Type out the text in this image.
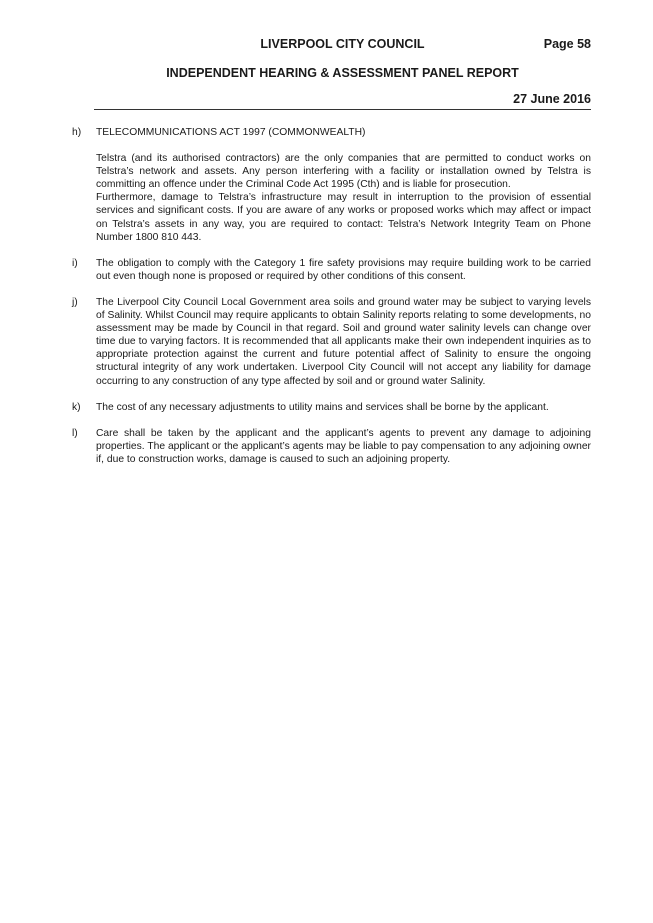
LIVERPOOL CITY COUNCIL	Page 58
INDEPENDENT HEARING & ASSESSMENT PANEL REPORT
27 June 2016
h) TELECOMMUNICATIONS ACT 1997 (COMMONWEALTH)

Telstra (and its authorised contractors) are the only companies that are permitted to conduct works on Telstra’s network and assets. Any person interfering with a facility or installation owned by Telstra is committing an offence under the Criminal Code Act 1995 (Cth) and is liable for prosecution.

Furthermore, damage to Telstra’s infrastructure may result in interruption to the provision of essential services and significant costs. If you are aware of any works or proposed works which may affect or impact on Telstra’s assets in any way, you are required to contact: Telstra’s Network Integrity Team on Phone Number 1800 810 443.

i) The obligation to comply with the Category 1 fire safety provisions may require building work to be carried out even though none is proposed or required by other conditions of this consent.

j) The Liverpool City Council Local Government area soils and ground water may be subject to varying levels of Salinity. Whilst Council may require applicants to obtain Salinity reports relating to some developments, no assessment may be made by Council in that regard. Soil and ground water salinity levels can change over time due to varying factors. It is recommended that all applicants make their own independent inquiries as to appropriate protection against the current and future potential affect of Salinity to ensure the ongoing structural integrity of any work undertaken. Liverpool City Council will not accept any liability for damage occurring to any construction of any type affected by soil and or ground water Salinity.

k) The cost of any necessary adjustments to utility mains and services shall be borne by the applicant.

l) Care shall be taken by the applicant and the applicant’s agents to prevent any damage to adjoining properties. The applicant or the applicant’s agents may be liable to pay compensation to any adjoining owner if, due to construction works, damage is caused to such an adjoining property.
